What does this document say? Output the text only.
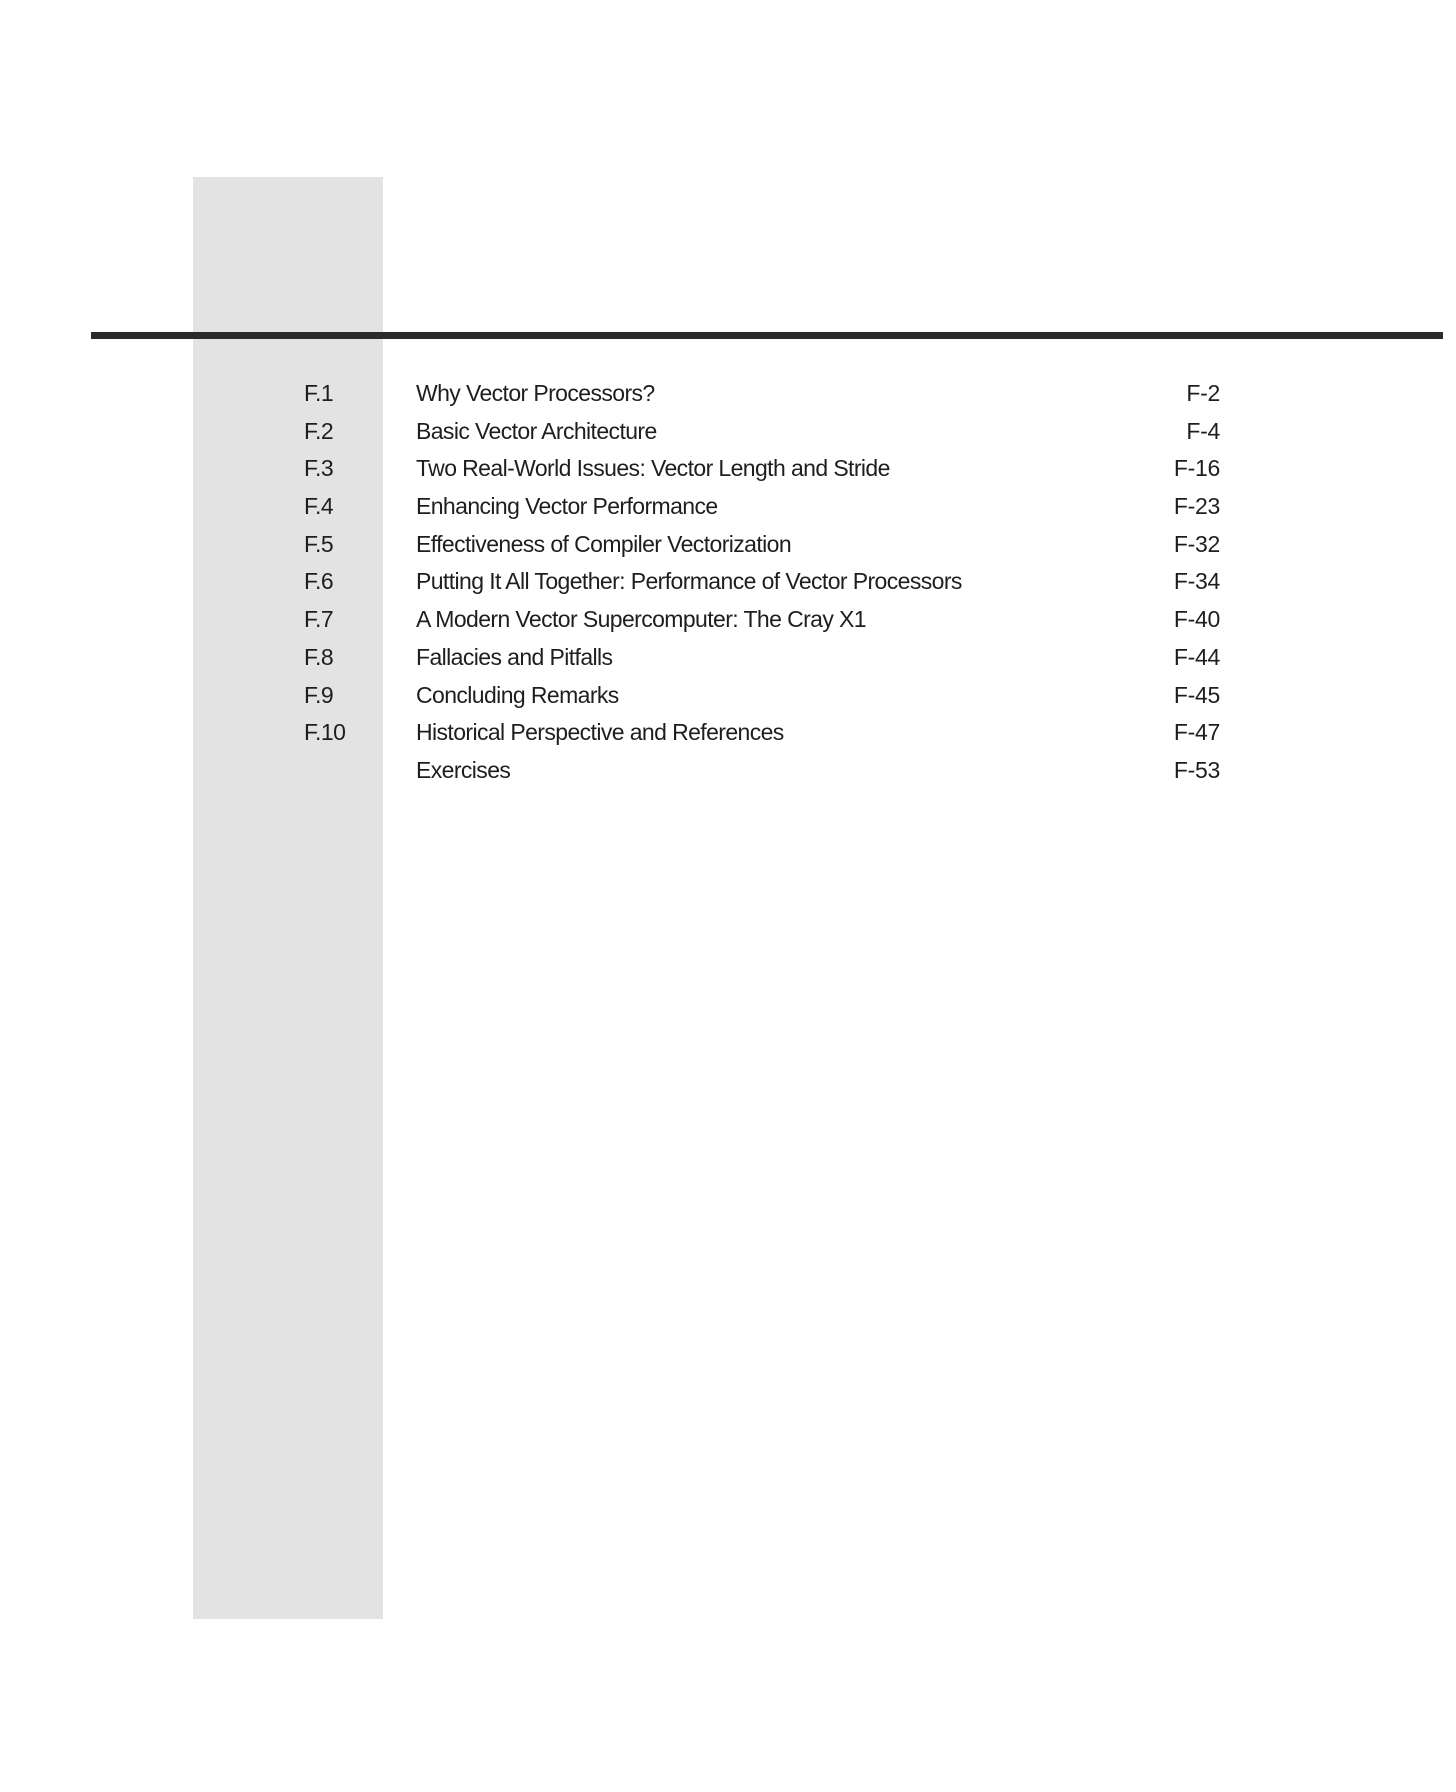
F.1	Why Vector Processors?	F-2
F.2	Basic Vector Architecture	F-4
F.3	Two Real-World Issues: Vector Length and Stride	F-16
F.4	Enhancing Vector Performance	F-23
F.5	Effectiveness of Compiler Vectorization	F-32
F.6	Putting It All Together: Performance of Vector Processors	F-34
F.7	A Modern Vector Supercomputer: The Cray X1	F-40
F.8	Fallacies and Pitfalls	F-44
F.9	Concluding Remarks	F-45
F.10	Historical Perspective and References	F-47
Exercises	F-53
